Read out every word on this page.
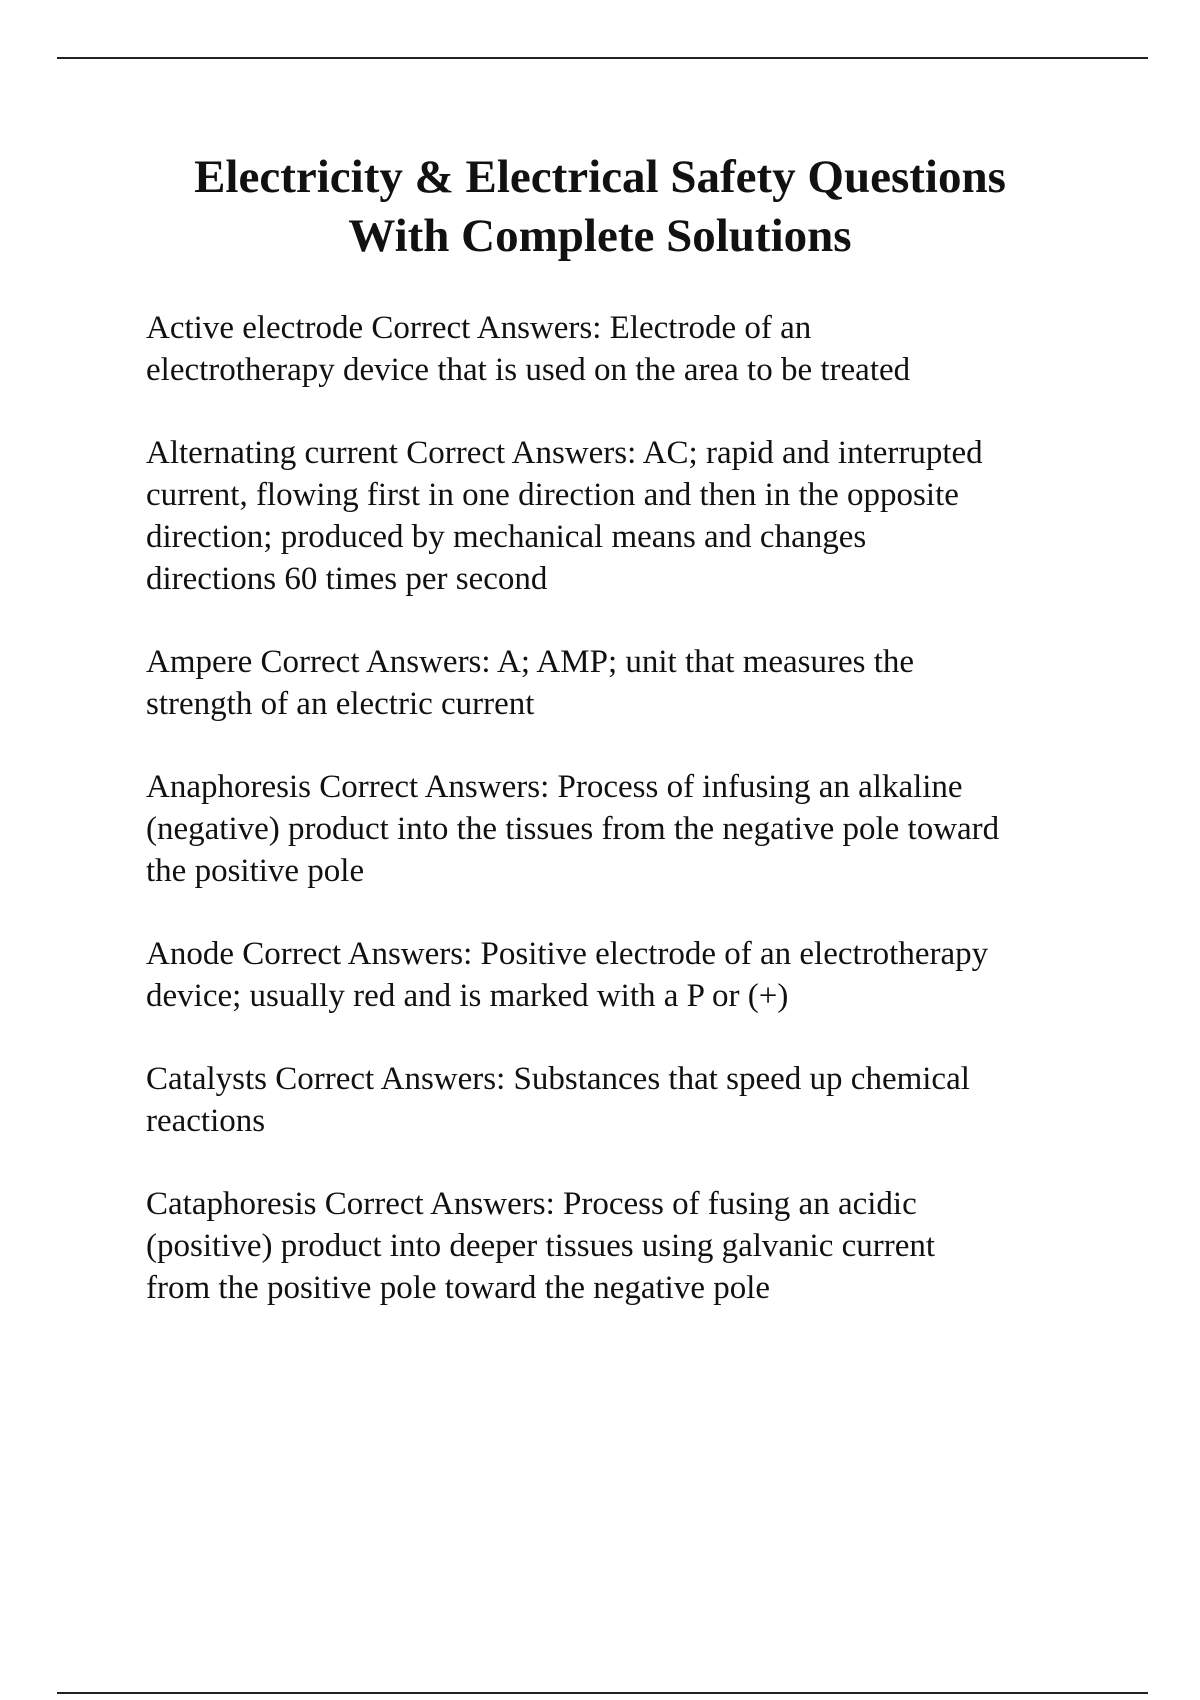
Electricity & Electrical Safety Questions
With Complete Solutions

Active electrode Correct Answers: Electrode of an
electrotherapy device that is used on the area to be treated

Alternating current Correct Answers: AC; rapid and interrupted
current, flowing first in one direction and then in the opposite
direction; produced by mechanical means and changes
directions 60 times per second

Ampere Correct Answers: A; AMP; unit that measures the
strength of an electric current

Anaphoresis Correct Answers: Process of infusing an alkaline
(negative) product into the tissues from the negative pole toward
the positive pole

Anode Correct Answers: Positive electrode of an electrotherapy
device; usually red and is marked with a P or (+)

Catalysts Correct Answers: Substances that speed up chemical
reactions

Cataphoresis Correct Answers: Process of fusing an acidic
(positive) product into deeper tissues using galvanic current
from the positive pole toward the negative pole
